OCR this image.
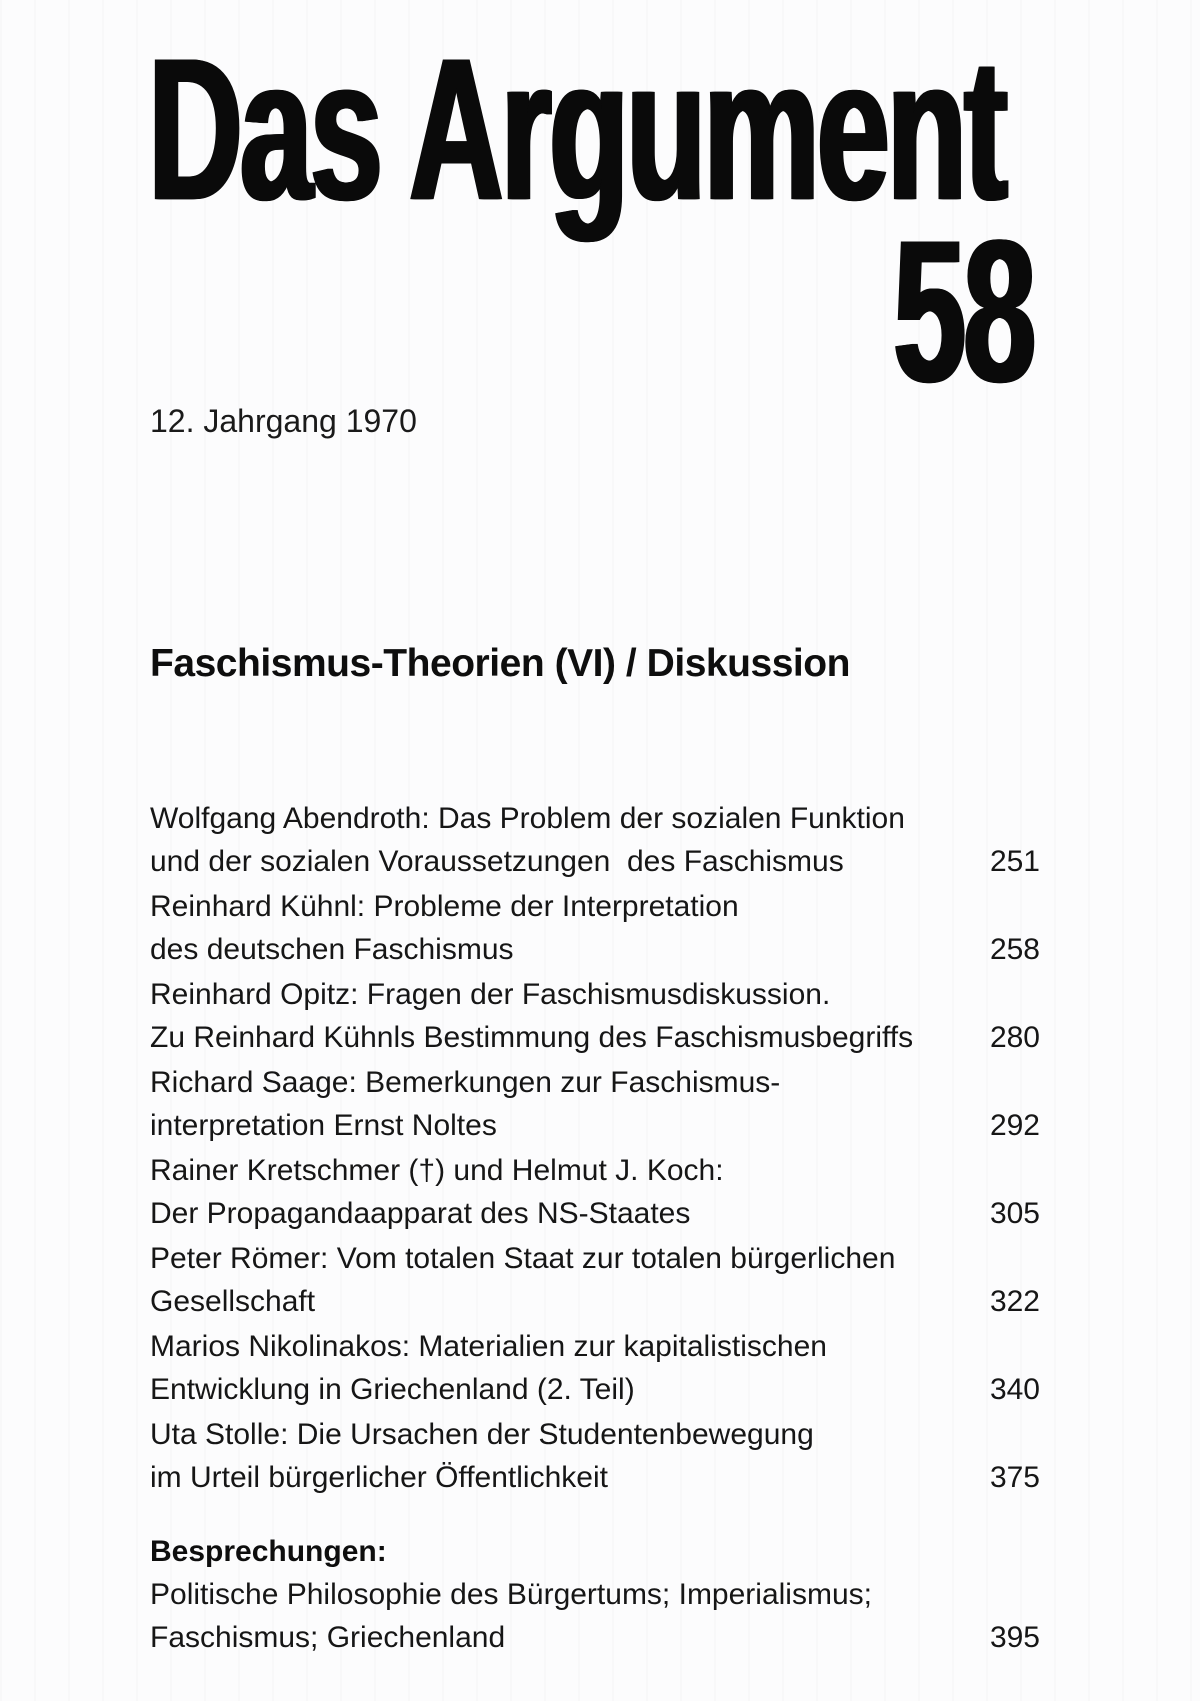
Das Argument
58
12. Jahrgang 1970
Faschismus-Theorien (VI) / Diskussion
Wolfgang Abendroth: Das Problem der sozialen Funktion
und der sozialen Voraussetzungen  des Faschismus	251
Reinhard Kühnl: Probleme der Interpretation
des deutschen Faschismus	258
Reinhard Opitz: Fragen der Faschismusdiskussion.
Zu Reinhard Kühnls Bestimmung des Faschismusbegriffs	280
Richard Saage: Bemerkungen zur Faschismus-
interpretation Ernst Noltes	292
Rainer Kretschmer (†) und Helmut J. Koch:
Der Propagandaapparat des NS-Staates	305
Peter Römer: Vom totalen Staat zur totalen bürgerlichen
Gesellschaft	322
Marios Nikolinakos: Materialien zur kapitalistischen
Entwicklung in Griechenland (2. Teil)	340
Uta Stolle: Die Ursachen der Studentenbewegung
im Urteil bürgerlicher Öffentlichkeit	375
Besprechungen:
Politische Philosophie des Bürgertums; Imperialismus;
Faschismus; Griechenland	395
